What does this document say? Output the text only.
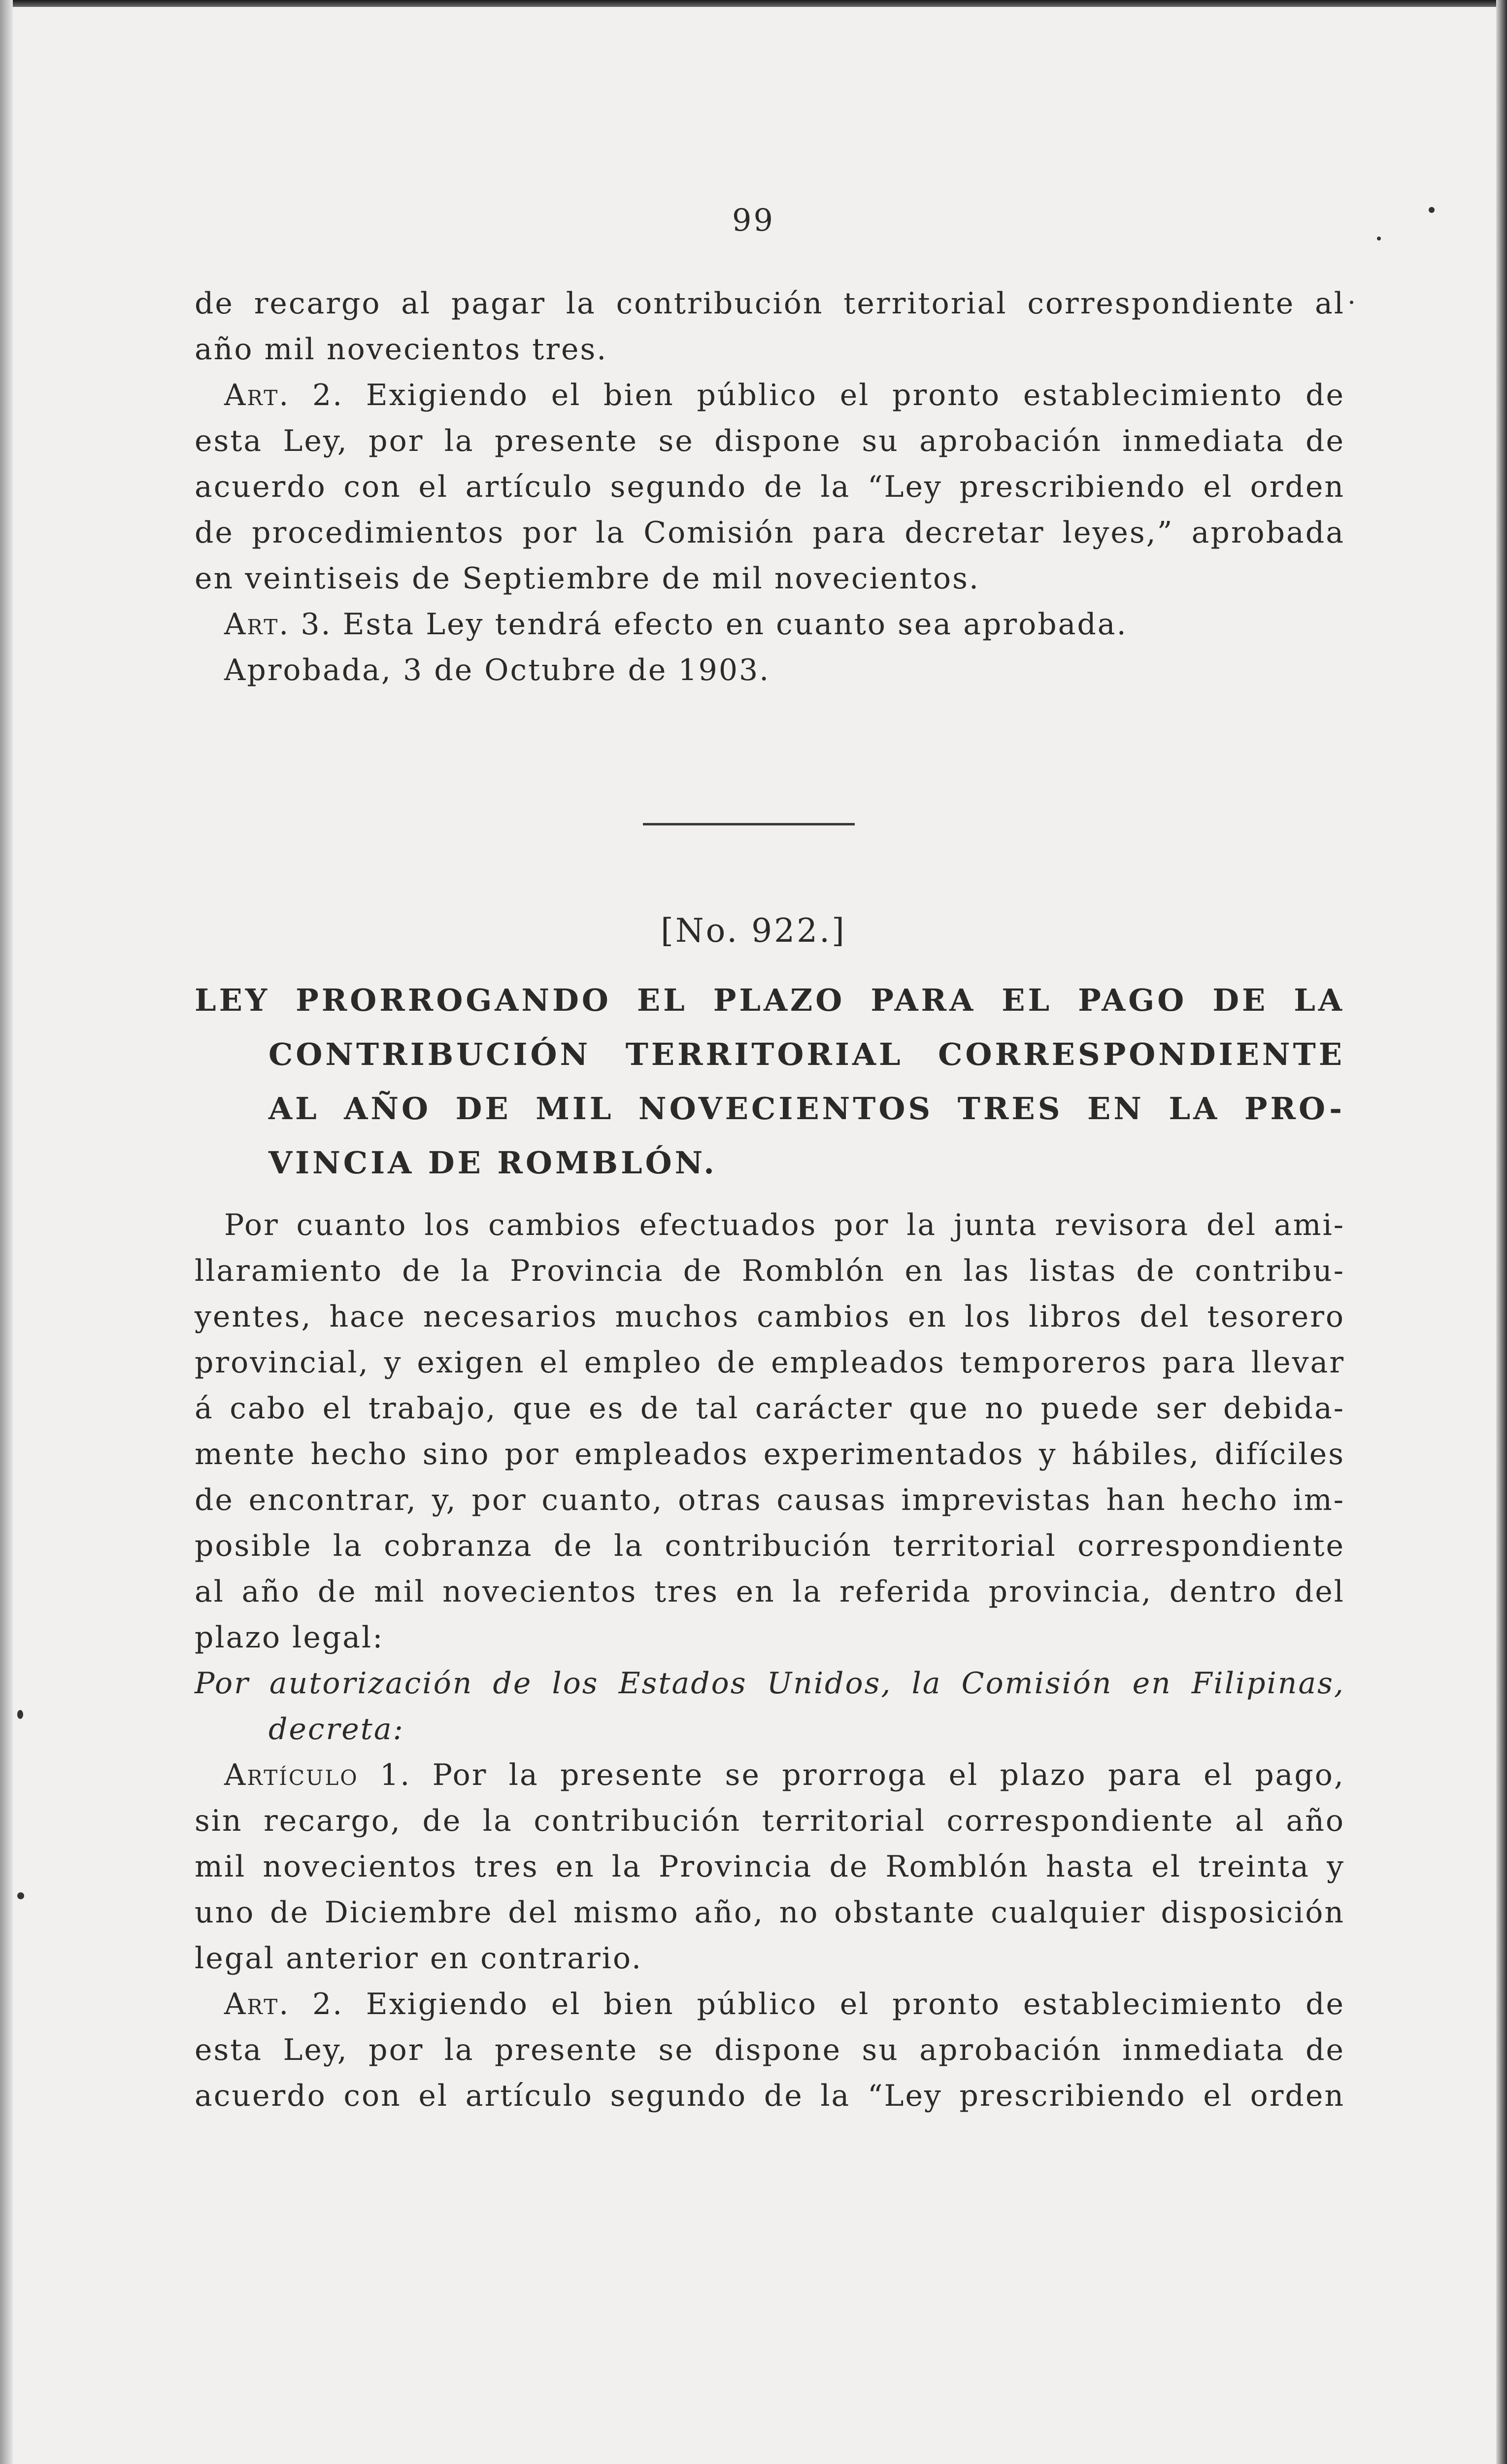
99
de recargo al pagar la contribución territorial correspondiente al
año mil novecientos tres.
Art. 2. Exigiendo el bien público el pronto establecimiento de
esta Ley, por la presente se dispone su aprobación inmediata de
acuerdo con el artículo segundo de la “Ley prescribiendo el orden
de procedimientos por la Comisión para decretar leyes,” aprobada
en veintiseis de Septiembre de mil novecientos.
Art. 3. Esta Ley tendrá efecto en cuanto sea aprobada.
Aprobada, 3 de Octubre de 1903.
[No. 922.]
LEY PRORROGANDO EL PLAZO PARA EL PAGO DE LA
CONTRIBUCIÓN TERRITORIAL CORRESPONDIENTE
AL AÑO DE MIL NOVECIENTOS TRES EN LA PRO-
VINCIA DE ROMBLÓN.
Por cuanto los cambios efectuados por la junta revisora del ami-
llaramiento de la Provincia de Romblón en las listas de contribu-
yentes, hace necesarios muchos cambios en los libros del tesorero
provincial, y exigen el empleo de empleados temporeros para llevar
á cabo el trabajo, que es de tal carácter que no puede ser debida-
mente hecho sino por empleados experimentados y hábiles, difíciles
de encontrar, y, por cuanto, otras causas imprevistas han hecho im-
posible la cobranza de la contribución territorial correspondiente
al año de mil novecientos tres en la referida provincia, dentro del
plazo legal:
Por autorización de los Estados Unidos, la Comisión en Filipinas,
decreta:
Artículo 1. Por la presente se prorroga el plazo para el pago,
sin recargo, de la contribución territorial correspondiente al año
mil novecientos tres en la Provincia de Romblón hasta el treinta y
uno de Diciembre del mismo año, no obstante cualquier disposición
legal anterior en contrario.
Art. 2. Exigiendo el bien público el pronto establecimiento de
esta Ley, por la presente se dispone su aprobación inmediata de
acuerdo con el artículo segundo de la “Ley prescribiendo el orden
